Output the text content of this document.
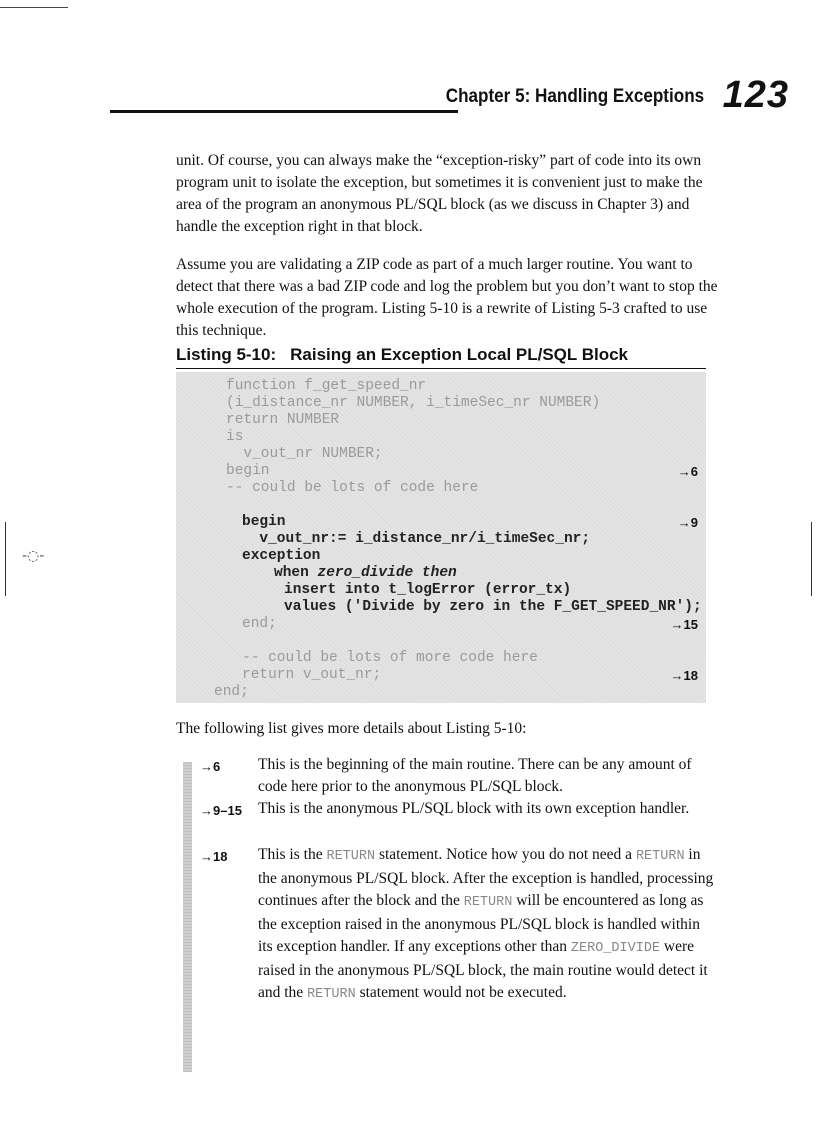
Chapter 5: Handling Exceptions 123
-◌-

unit. Of course, you can always make the “exception-risky” part of code into its own program unit to isolate the exception, but sometimes it is convenient just to make the area of the program an anonymous PL/SQL block (as we discuss in Chapter 3) and handle the exception right in that block.

Assume you are validating a ZIP code as part of a much larger routine. You want to detect that there was a bad ZIP code and log the problem but you don’t want to stop the whole execution of the program. Listing 5-10 is a rewrite of Listing 5-3 crafted to use this technique.

Listing 5-10: Raising an Exception Local PL/SQL Block
function f_get_speed_nr
(i_distance_nr NUMBER, i_timeSec_nr NUMBER)
return NUMBER
is
v_out_nr NUMBER;
begin	→6
-- could be lots of code here
begin	→9
v_out_nr:= i_distance_nr/i_timeSec_nr;
exception
when zero_divide then
insert into t_logError (error_tx)
values ('Divide by zero in the F_GET_SPEED_NR');
end;	→15
-- could be lots of more code here
return v_out_nr;	→18
end;
The following list gives more details about Listing 5-10:
→6 This is the beginning of the main routine. There can be any amount of code here prior to the anonymous PL/SQL block.

→9–15 This is the anonymous PL/SQL block with its own exception handler.

→18 This is the RETURN statement. Notice how you do not need a RETURN in the anonymous PL/SQL block. After the exception is handled, processing continues after the block and the RETURN will be encountered as long as the exception raised in the anonymous PL/SQL block is handled within its exception handler. If any exceptions other than ZERO_DIVIDE were raised in the anonymous PL/SQL block, the main routine would detect it and the RETURN statement would not be executed.
